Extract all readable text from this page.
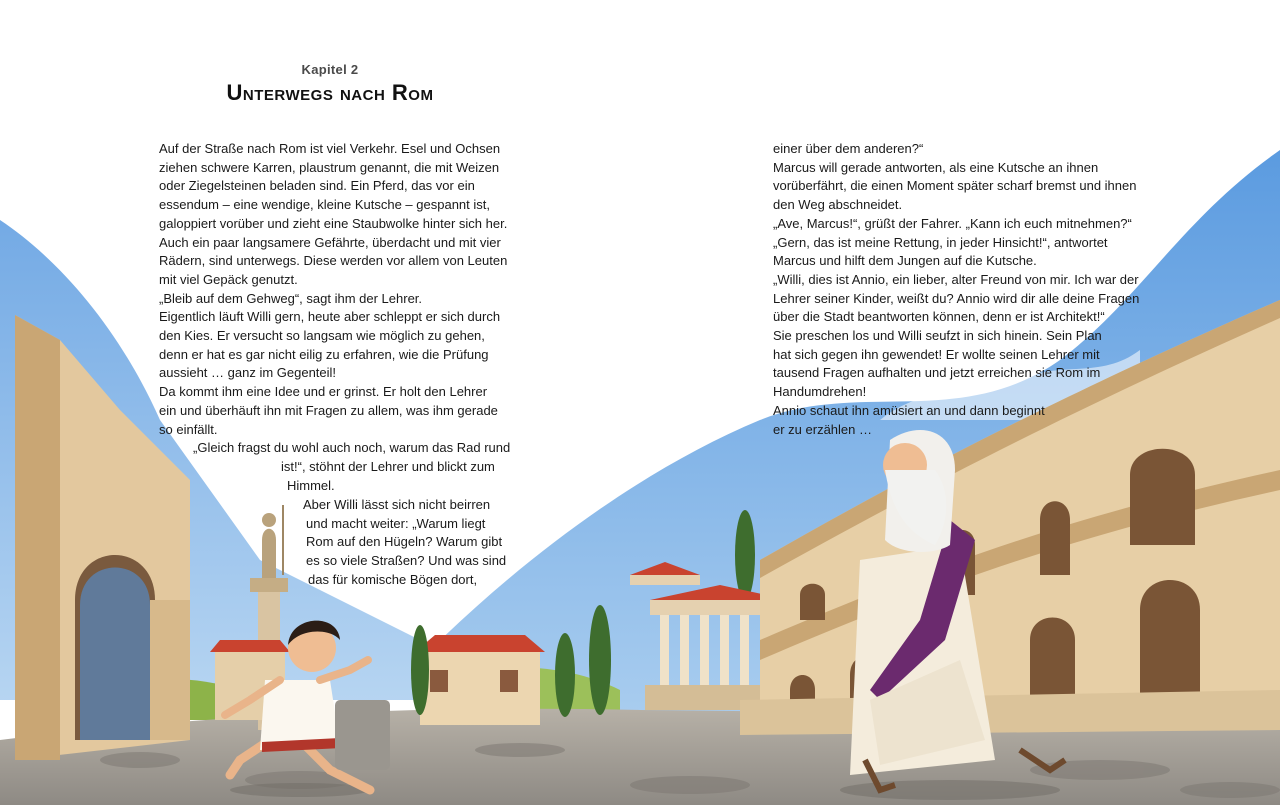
Kapitel 2
Unterwegs nach Rom

Auf der Straße nach Rom ist viel Verkehr. Esel und Ochsen

ziehen schwere Karren, plaustrum genannt, die mit Weizen

oder Ziegelsteinen beladen sind. Ein Pferd, das vor ein

essendum – eine wendige, kleine Kutsche – gespannt ist,

galoppiert vorüber und zieht eine Staubwolke hinter sich her.

Auch ein paar langsamere Gefährte, überdacht und mit vier

Rädern, sind unterwegs. Diese werden vor allem von Leuten

mit viel Gepäck genutzt.

„Bleib auf dem Gehweg“, sagt ihm der Lehrer.

Eigentlich läuft Willi gern, heute aber schleppt er sich durch

den Kies. Er versucht so langsam wie möglich zu gehen,

denn er hat es gar nicht eilig zu erfahren, wie die Prüfung

aussieht … ganz im Gegenteil!

Da kommt ihm eine Idee und er grinst. Er holt den Lehrer

ein und überhäuft ihn mit Fragen zu allem, was ihm gerade

so einfällt.

„Gleich fragst du wohl auch noch, warum das Rad rund
ist!“, stöhnt der Lehrer und blickt zum
Himmel.
Aber Willi lässt sich nicht beirren
und macht weiter: „Warum liegt
Rom auf den Hügeln? Warum gibt
es so viele Straßen? Und was sind
das für komische Bögen dort,

einer über dem anderen?“

Marcus will gerade antworten, als eine Kutsche an ihnen

vorüberfährt, die einen Moment später scharf bremst und ihnen

den Weg abschneidet.

„Ave, Marcus!“, grüßt der Fahrer. „Kann ich euch mitnehmen?“

„Gern, das ist meine Rettung, in jeder Hinsicht!“, antwortet

Marcus und hilft dem Jungen auf die Kutsche.

„Willi, dies ist Annio, ein lieber, alter Freund von mir. Ich war der

Lehrer seiner Kinder, weißt du? Annio wird dir alle deine Fragen

über die Stadt beantworten können, denn er ist Architekt!“

Sie preschen los und Willi seufzt in sich hinein. Sein Plan

hat sich gegen ihn gewendet! Er wollte seinen Lehrer mit

tausend Fragen aufhalten und jetzt erreichen sie Rom im

Handumdrehen!

Annio schaut ihn amüsiert an und dann beginnt

er zu erzählen …
